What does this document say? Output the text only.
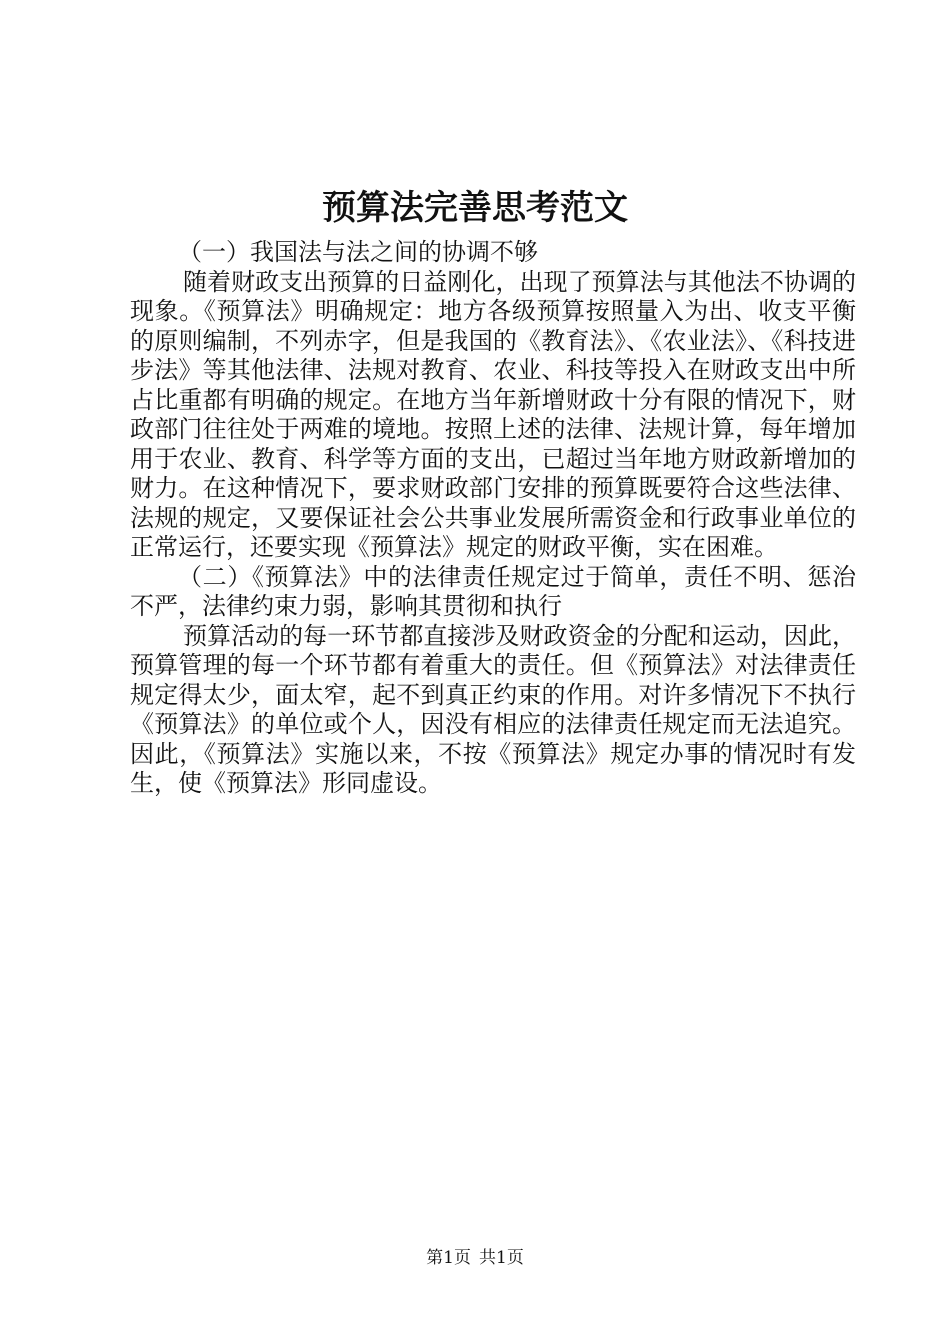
预算法完善思考范文

（一）我国法与法之间的协调不够

随着财政支出预算的日益刚化，出现了预算法与其他法不协调的现象。《预算法》明确规定：地方各级预算按照量入为出、收支平衡的原则编制，不列赤字，但是我国的《教育法》、《农业法》、《科技进步法》等其他法律、法规对教育、农业、科技等投入在财政支出中所占比重都有明确的规定。在地方当年新增财政十分有限的情况下，财政部门往往处于两难的境地。按照上述的法律、法规计算，每年增加用于农业、教育、科学等方面的支出，已超过当年地方财政新增加的财力。在这种情况下，要求财政部门安排的预算既要符合这些法律、法规的规定，又要保证社会公共事业发展所需资金和行政事业单位的正常运行，还要实现《预算法》规定的财政平衡，实在困难。

（二）《预算法》中的法律责任规定过于简单，责任不明、惩治不严，法律约束力弱，影响其贯彻和执行

预算活动的每一环节都直接涉及财政资金的分配和运动，因此，预算管理的每一个环节都有着重大的责任。但《预算法》对法律责任规定得太少，面太窄，起不到真正约束的作用。对许多情况下不执行《预算法》的单位或个人，因没有相应的法律责任规定而无法追究。因此，《预算法》实施以来，不按《预算法》规定办事的情况时有发生，使《预算法》形同虚设。

第1页 共1页
